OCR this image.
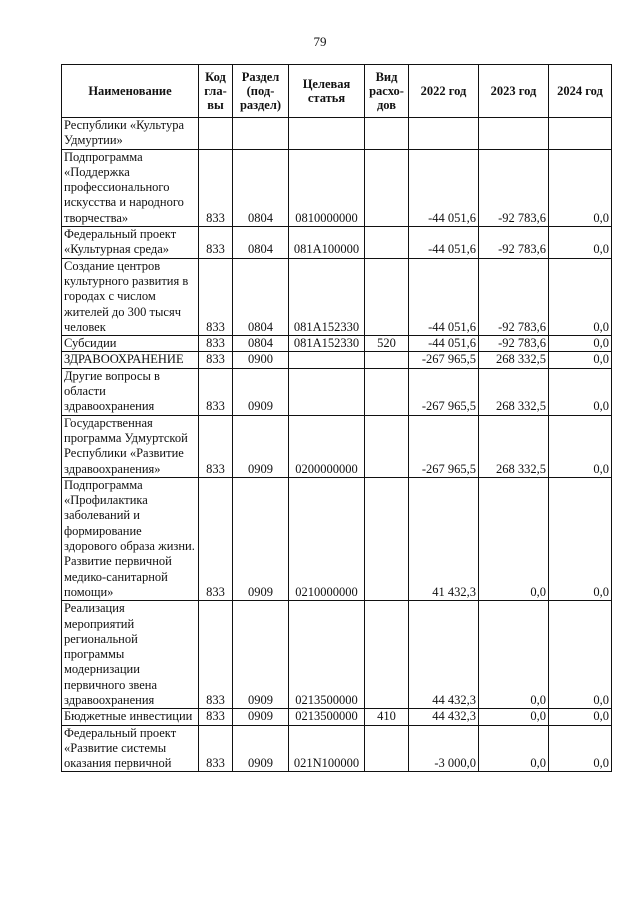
79
Наименование	Код гла-вы	Раздел (под-раздел)	Целевая статья	Вид расхо-дов	2022 год	2023 год	2024 год
Республики «Культура Удмуртии»							
Подпрограмма «Поддержка профессионального искусства и народного творчества»	833	0804	0810000000		-44 051,6	-92 783,6	0,0
Федеральный проект «Культурная среда»	833	0804	081A100000		-44 051,6	-92 783,6	0,0
Создание центров культурного развития в городах с числом жителей до 300 тысяч человек	833	0804	081A152330		-44 051,6	-92 783,6	0,0
Субсидии	833	0804	081A152330	520	-44 051,6	-92 783,6	0,0
ЗДРАВООХРАНЕНИЕ	833	0900			-267 965,5	268 332,5	0,0
Другие вопросы в области здравоохранения	833	0909			-267 965,5	268 332,5	0,0
Государственная программа Удмуртской Республики «Развитие здравоохранения»	833	0909	0200000000		-267 965,5	268 332,5	0,0
Подпрограмма «Профилактика заболеваний и формирование здорового образа жизни. Развитие первичной медико-санитарной помощи»	833	0909	0210000000		41 432,3	0,0	0,0
Реализация мероприятий региональной программы модернизации первичного звена здравоохранения	833	0909	0213500000		44 432,3	0,0	0,0
Бюджетные инвестиции	833	0909	0213500000	410	44 432,3	0,0	0,0
Федеральный проект «Развитие системы оказания первичной	833	0909	021N100000		-3 000,0	0,0	0,0
